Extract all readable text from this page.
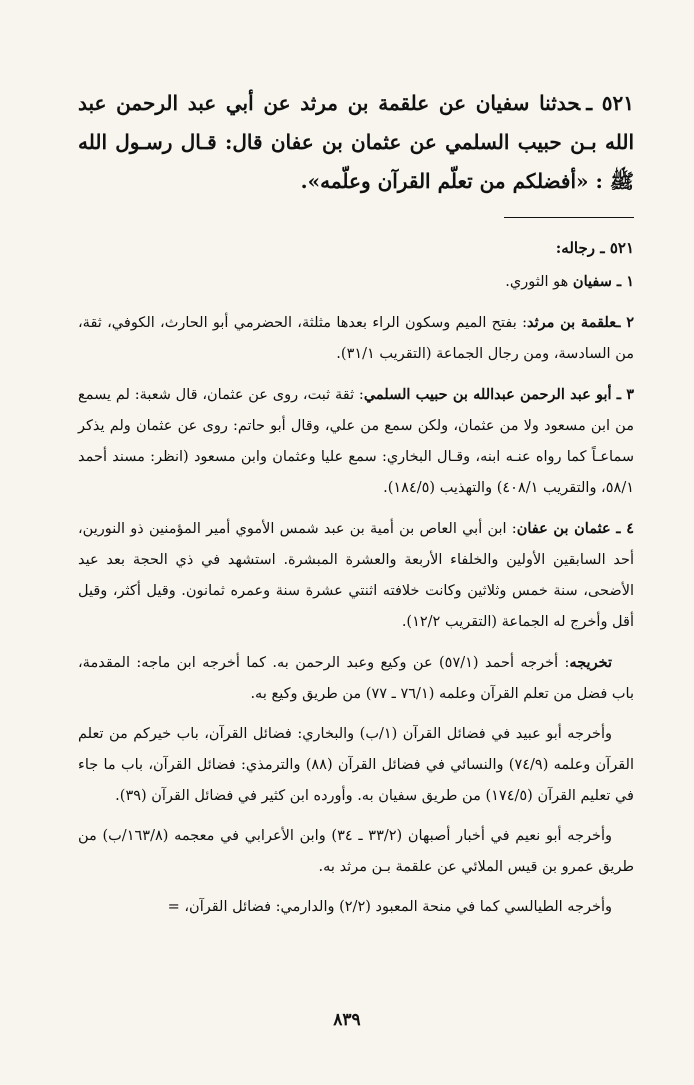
٥٢١ ـحدثنا سفيان عن علقمة بن مرثد عن أبي عبد الرحمن عبد الله بـن حبيب السلمي عن عثمان بن عفان قال: قـال رسـول الله ﷺ : «أفضلكم من تعلّم القرآن وعلّمه».

٥٢١ ـ رجاله:

١ ـ سفيان هو الثوري.

٢ ـعلقمة بن مرثد: بفتح الميم وسكون الراء بعدها مثلثة، الحضرمي أبو الحارث، الكوفي، ثقة، من السادسة، ومن رجال الجماعة (التقريب ٣١/١).

٣ ـ أبو عبد الرحمن عبدالله بن حبيب السلمي: ثقة ثبت، روى عن عثمان، قال شعبة: لم يسمع من ابن مسعود ولا من عثمان، ولكن سمع من علي، وقال أبو حاتم: روى عن عثمان ولم يذكر سماعـاً كما رواه عنـه ابنه، وقـال البخاري: سمع عليا وعثمان وابن مسعود (انظر: مسند أحمد ٥٨/١، والتقريب ٤٠٨/١) والتهذيب (١٨٤/٥).

٤ ـ عثمان بن عفان: ابن أبي العاص بن أمية بن عبد شمس الأموي أمير المؤمنين ذو النورين، أحد السابقين الأولين والخلفاء الأربعة والعشرة المبشرة. استشهد في ذي الحجة بعد عيد الأضحى، سنة خمس وثلاثين وكانت خلافته اثنتي عشرة سنة وعمره ثمانون. وقيل أكثر، وقيل أقل وأخرج له الجماعة (التقريب ١٢/٢).

تخريجه: أخرجه أحمد (٥٧/١) عن وكيع وعبد الرحمن به. كما أخرجه ابن ماجه: المقدمة، باب فضل من تعلم القرآن وعلمه (٧٦/١ ـ ٧٧) من طريق وكيع به.

وأخرجه أبو عبيد في فضائل القرآن (١/ب) والبخاري: فضائل القرآن، باب خيركم من تعلم القرآن وعلمه (٧٤/٩) والنسائي في فضائل القرآن (٨٨) والترمذي: فضائل القرآن، باب ما جاء في تعليم القرآن (١٧٤/٥) من طريق سفيان به. وأورده ابن كثير في فضائل القرآن (٣٩).

وأخرجه أبو نعيم في أخبار أصبهان (٣٣/٢ ـ ٣٤) وابن الأعرابي في معجمه (١٦٣/٨/ب) من طريق عمرو بن قيس الملائي عن علقمة بـن مرثد به.

وأخرجه الطيالسي كما في منحة المعبود (٢/٢) والدارمي: فضائل القرآن، =

٨٣٩
